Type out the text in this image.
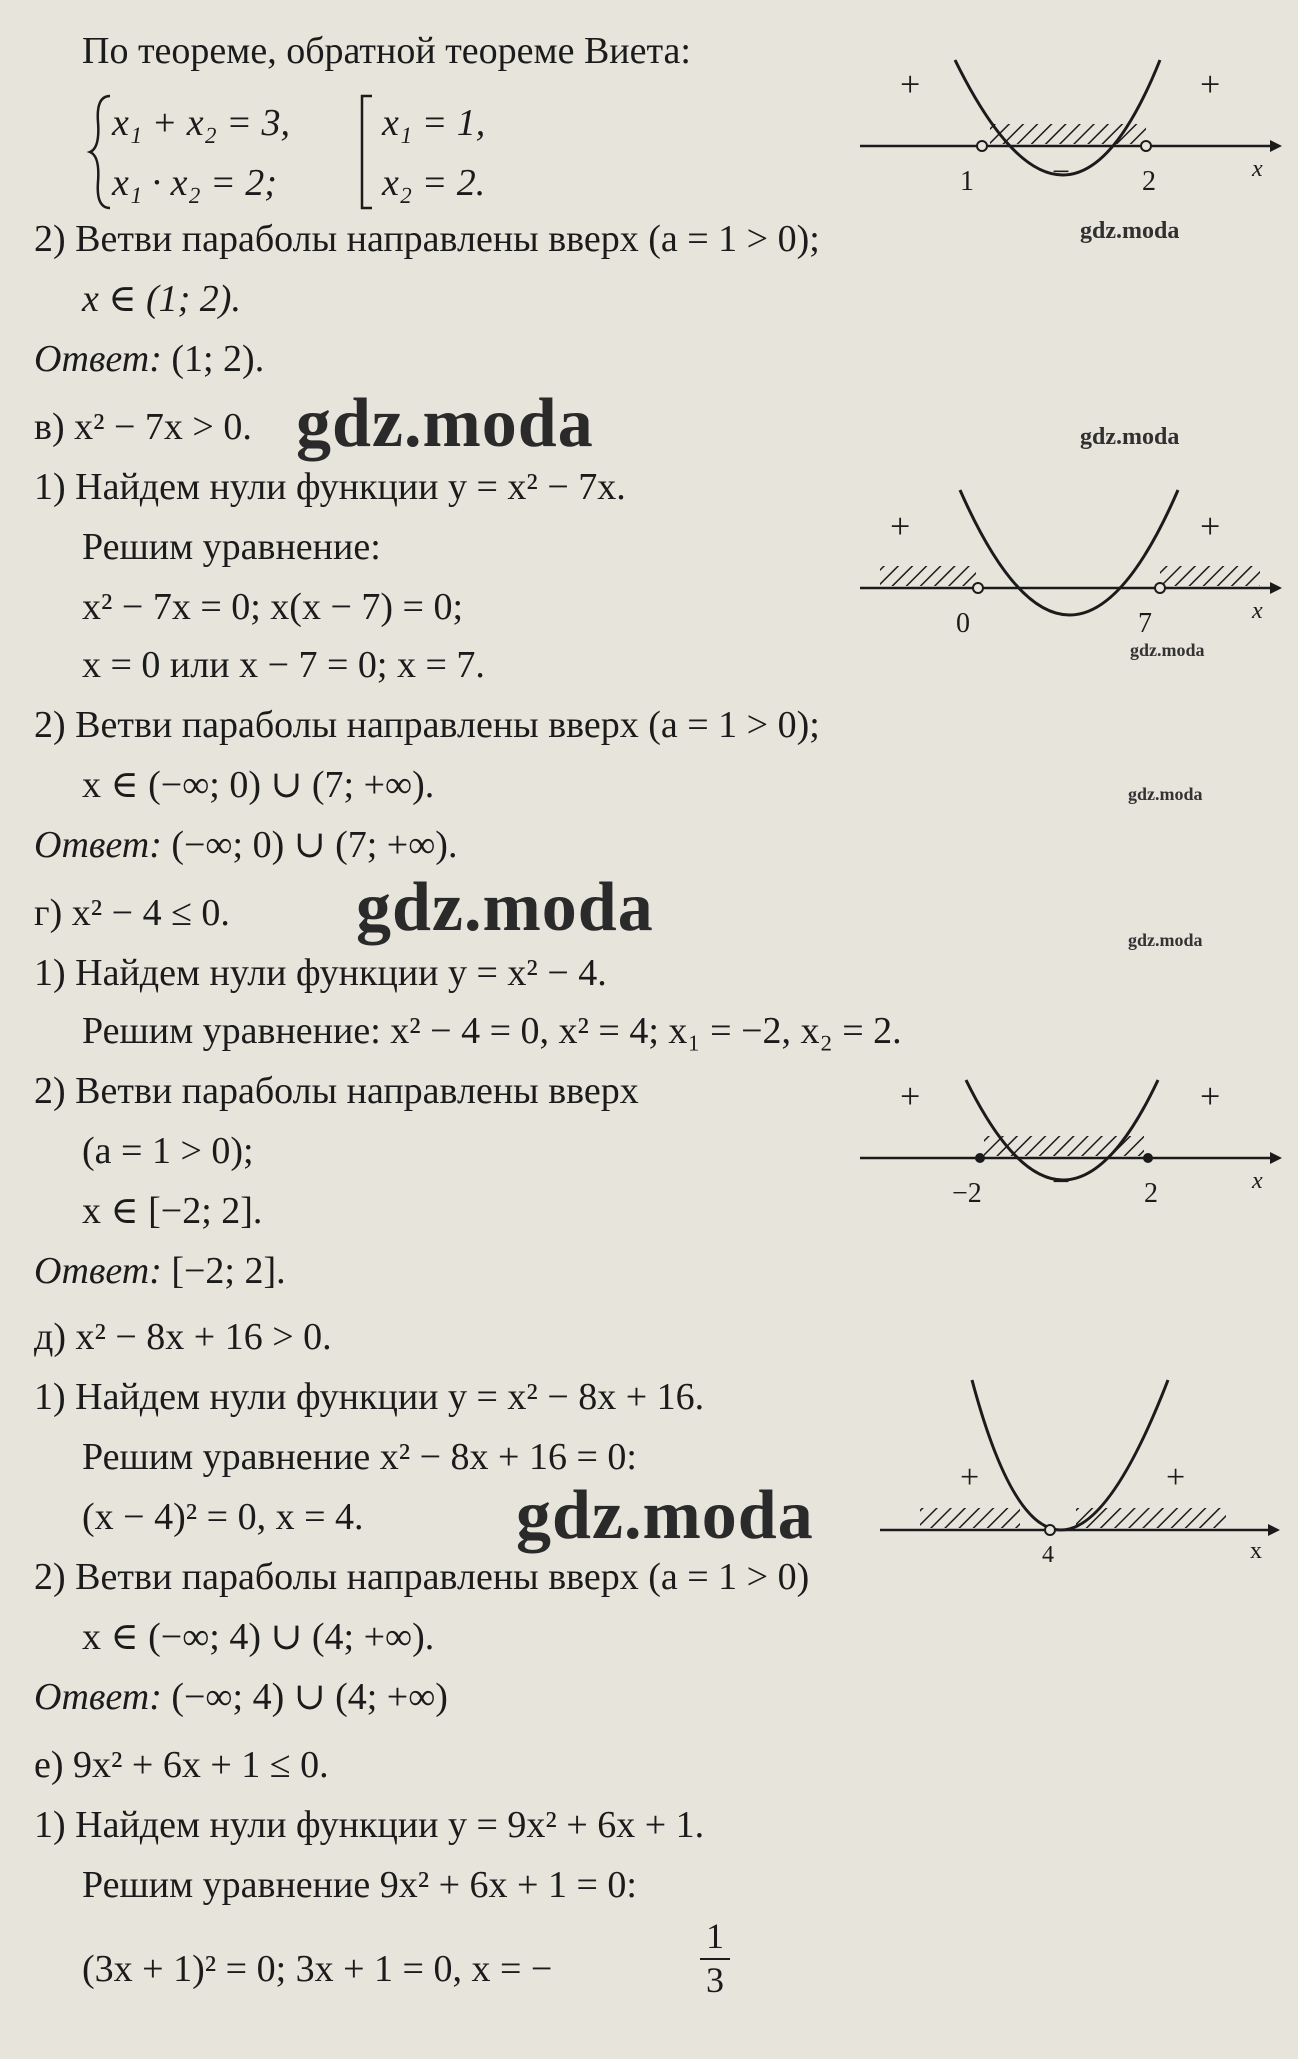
По теореме, обратной теореме Виета:
x₁ + x₂ = 3,
x₁ · x₂ = 2;
x₁ = 1,
x₂ = 2.
2) Ветви параболы направлены вверх (a = 1 > 0);
x ∈ (1; 2).
Ответ: (1; 2).
+	+
−
1	2	x
gdz.moda
в) x² − 7x > 0. gdz.moda	gdz.moda
1) Найдем нули функции y = x² − 7x.
Решим уравнение:
x² − 7x = 0; x(x − 7) = 0;
x = 0 или x − 7 = 0; x = 7.
2) Ветви параболы направлены вверх (a = 1 > 0);
x ∈ (−∞; 0) ∪ (7; +∞).
Ответ: (−∞; 0) ∪ (7; +∞).
+	+
0	7	x
gdz.moda
gdz.moda
г) x² − 4 ≤ 0. gdz.moda	gdz.moda
1) Найдем нули функции y = x² − 4.
Решим уравнение: x² − 4 = 0, x² = 4; x₁ = −2, x₂ = 2.
2) Ветви параболы направлены вверх
(a = 1 > 0);
x ∈ [−2; 2].
Ответ: [−2; 2].
+	+
−
−2	2	x
д) x² − 8x + 16 > 0.
1) Найдем нули функции y = x² − 8x + 16.
Решим уравнение x² − 8x + 16 = 0:
(x − 4)² = 0, x = 4. gdz.moda
2) Ветви параболы направлены вверх (a = 1 > 0)
x ∈ (−∞; 4) ∪ (4; +∞).
Ответ: (−∞; 4) ∪ (4; +∞)
+	+
4	x
е) 9x² + 6x + 1 ≤ 0.
1) Найдем нули функции y = 9x² + 6x + 1.
Решим уравнение 9x² + 6x + 1 = 0:
(3x + 1)² = 0; 3x + 1 = 0, x = −
1
3
